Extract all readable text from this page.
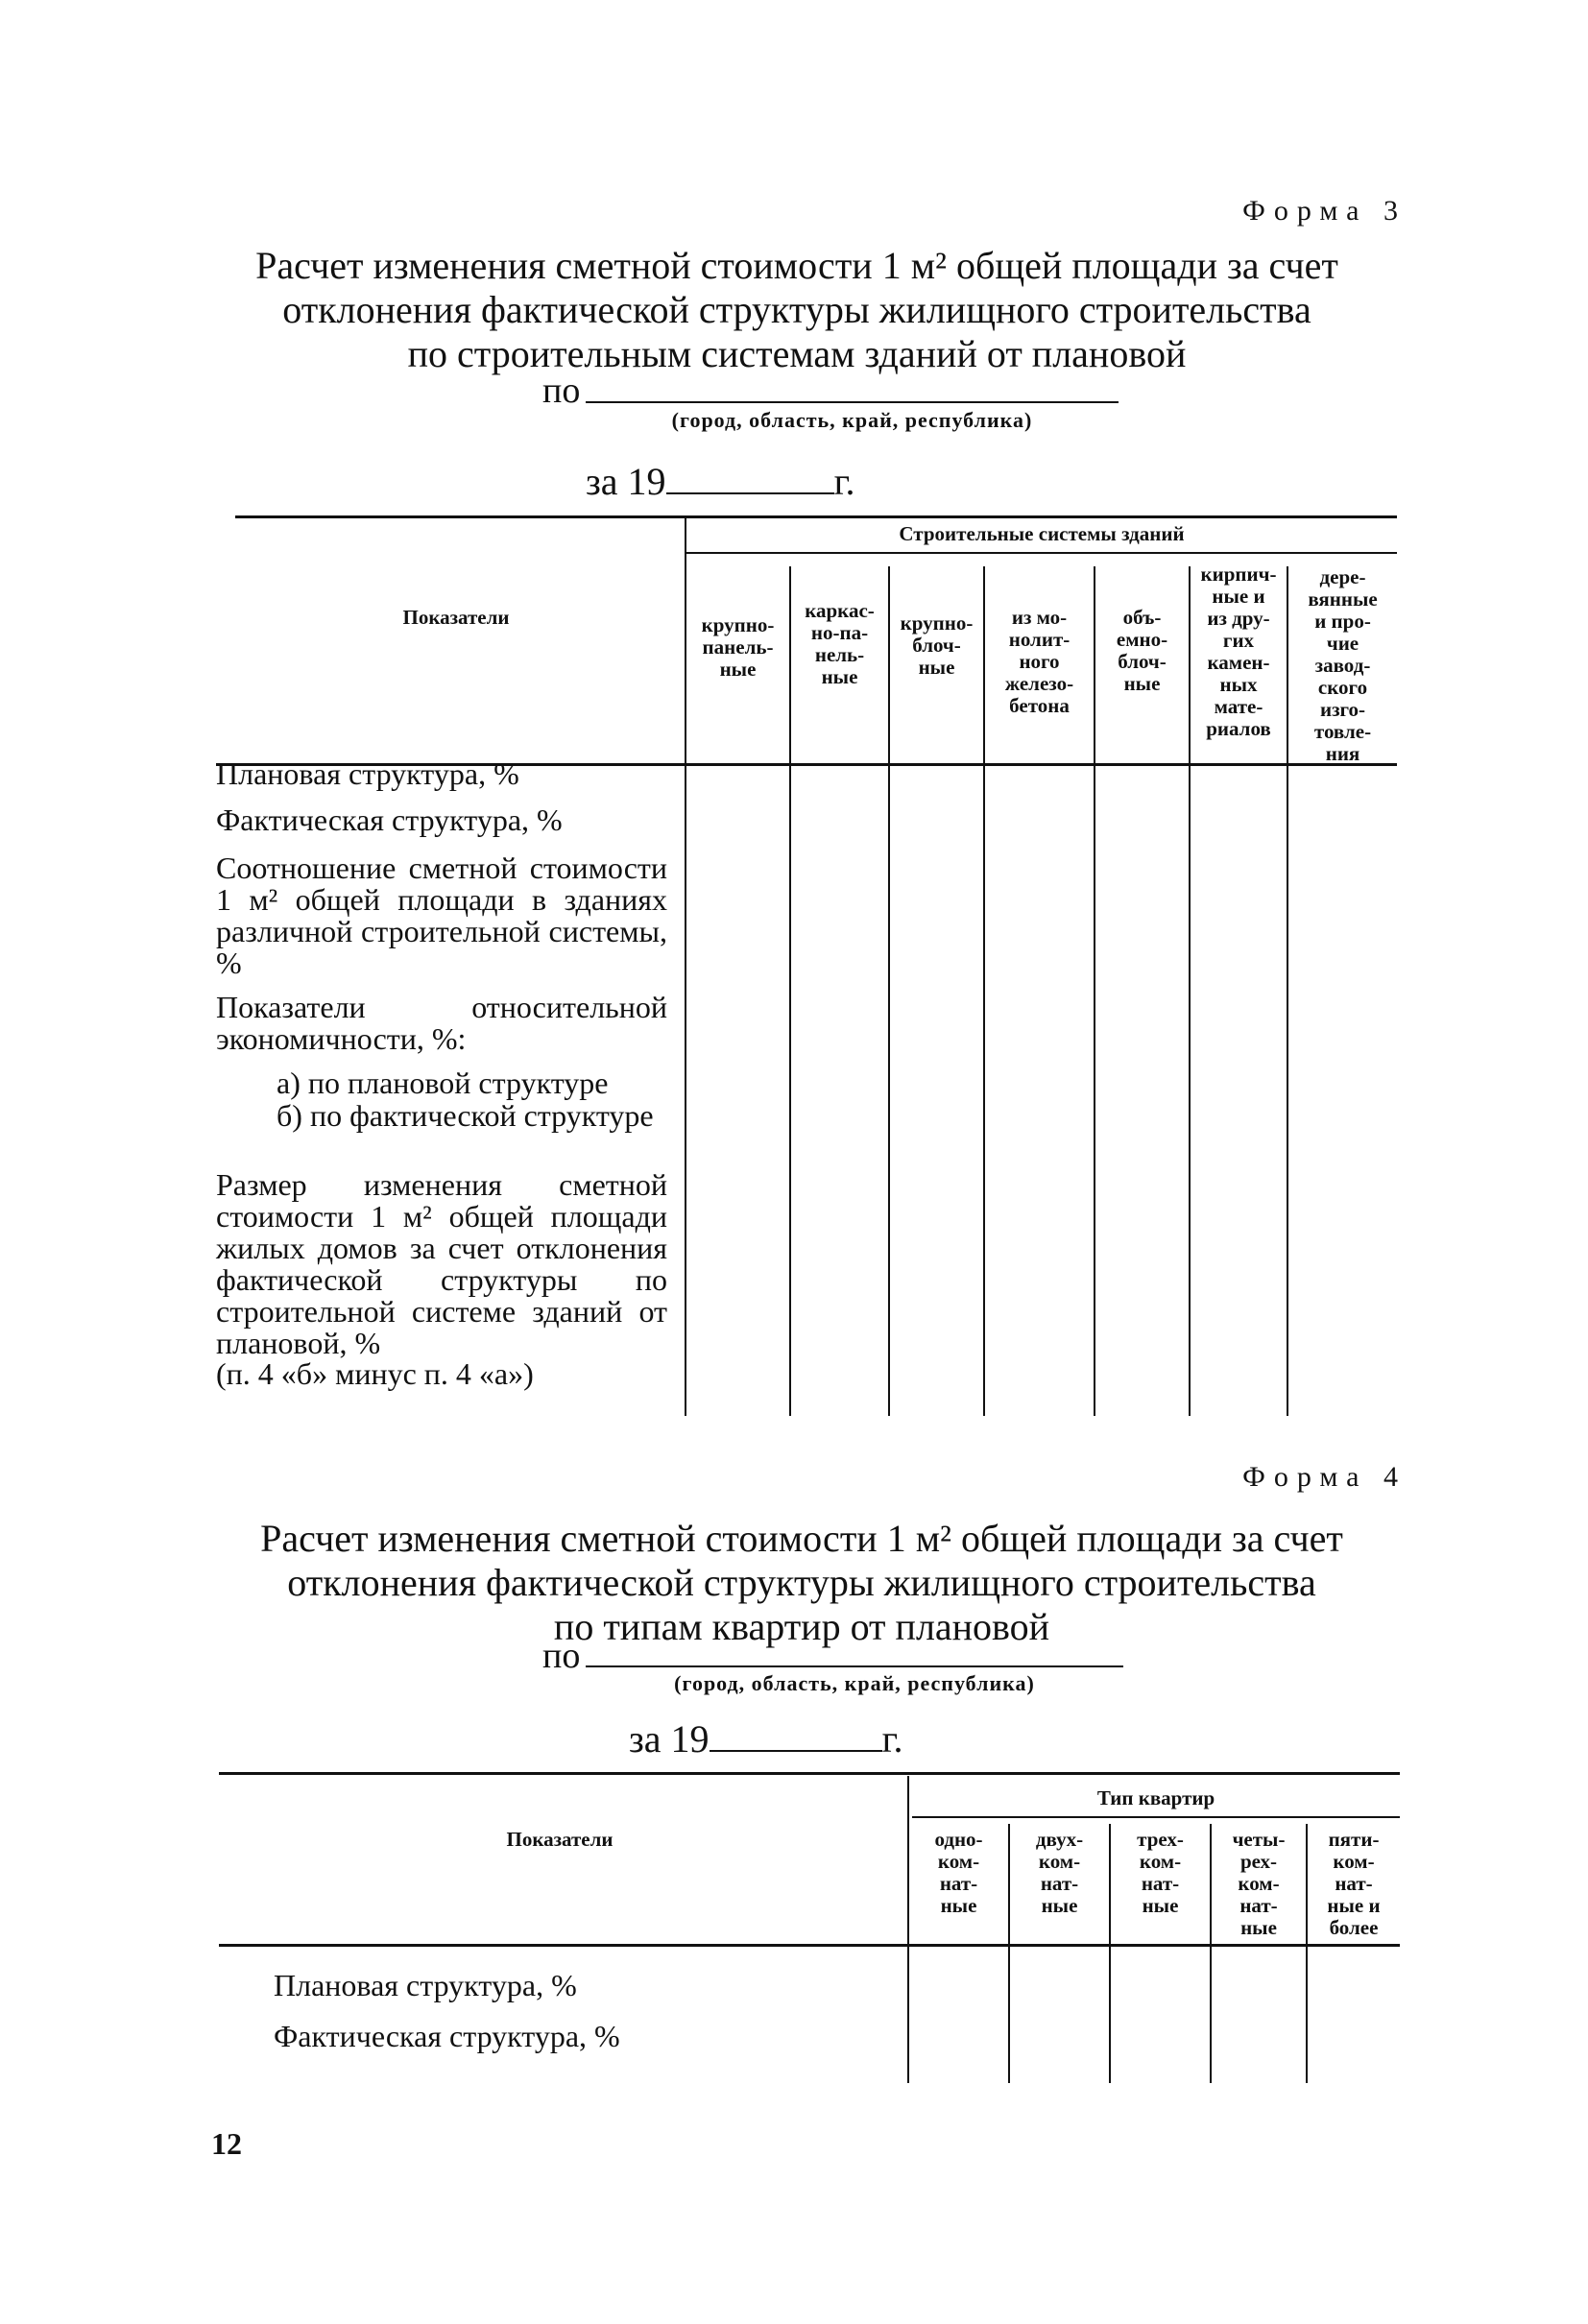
Форма 3
Расчет изменения сметной стоимости 1 м² общей площади за счет
отклонения фактической структуры жилищного строительства
по строительным системам зданий от плановой
по
(город, область, край, республика)
за 19	г.
Показатели
Строительные системы зданий
крупно-
панель-
ные
каркас-
но-па-
нель-
ные
крупно-
блоч-
ные
из мо-
нолит-
ного
железо-
бетона
объ-
емно-
блоч-
ные
кирпич-
ные и
из дру-
гих
камен-
ных
мате-
риалов
дере-
вянные
и про-
чие
завод-
ского
изго-
товле-
ния
Плановая структура, %
Фактическая структура, %
Соотношение сметной стоимости 1 м² общей площади в зданиях различной строительной системы, %
Показатели относительной экономичности, %:
а) по плановой структуре
б) по фактической структуре
Размер изменения сметной стоимости 1 м² общей площади жилых домов за счет отклонения фактической структуры по строительной системе зданий от плановой, %
(п. 4 «б» минус п. 4 «а»)
Форма 4
Расчет изменения сметной стоимости 1 м² общей площади за счет
отклонения фактической структуры жилищного строительства
по типам квартир от плановой
по
(город, область, край, республика)
за 19	г.
Показатели
Тип квартир
одно-
ком-
нат-
ные
двух-
ком-
нат-
ные
трех-
ком-
нат-
ные
четы-
рех-
ком-
нат-
ные
пяти-
ком-
нат-
ные и
более
Плановая структура, %
Фактическая структура, %
12
